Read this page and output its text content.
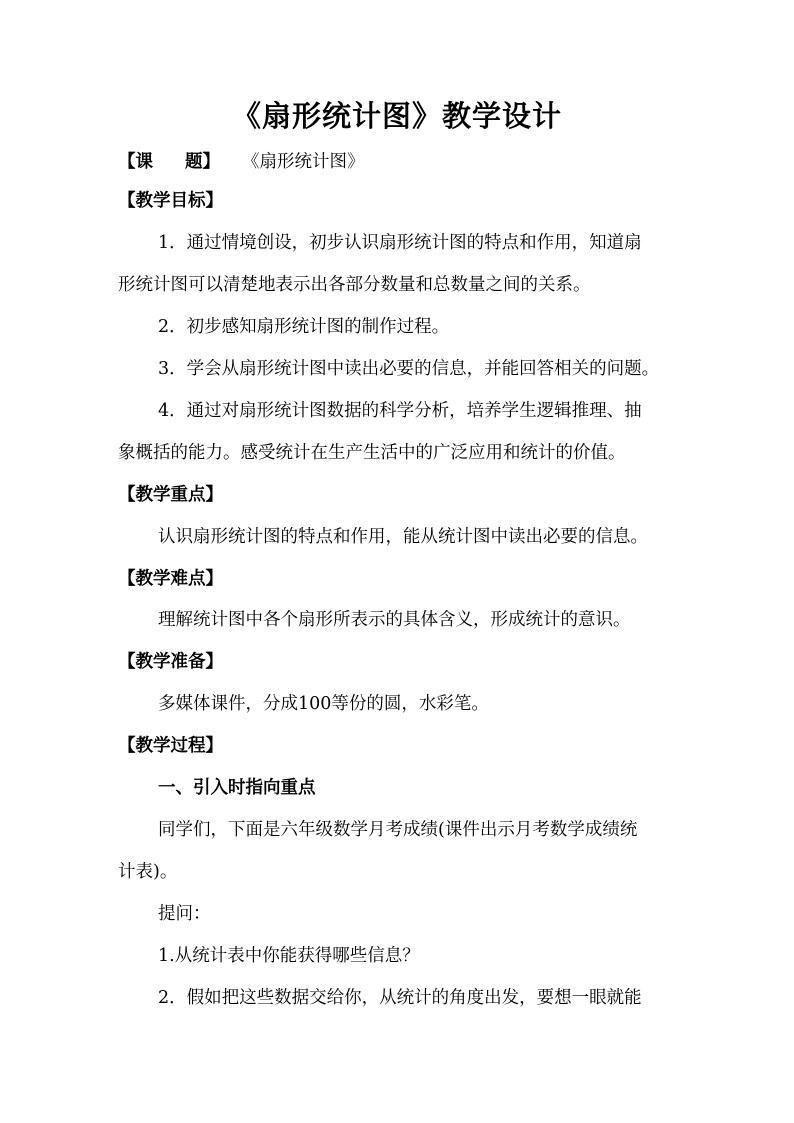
《扇形统计图》教学设计
【课 题】 《扇形统计图》
【教学目标】
1．通过情境创设，初步认识扇形统计图的特点和作用，知道扇
形统计图可以清楚地表示出各部分数量和总数量之间的关系。
2．初步感知扇形统计图的制作过程。
3．学会从扇形统计图中读出必要的信息，并能回答相关的问题。
4．通过对扇形统计图数据的科学分析，培养学生逻辑推理、抽
象概括的能力。感受统计在生产生活中的广泛应用和统计的价值。
【教学重点】
认识扇形统计图的特点和作用，能从统计图中读出必要的信息。
【教学难点】
理解统计图中各个扇形所表示的具体含义，形成统计的意识。
【教学准备】
多媒体课件，分成100等份的圆，水彩笔。
【教学过程】
一、引入时指向重点
同学们，下面是六年级数学月考成绩(课件出示月考数学成绩统
计表)。
提问：
1.从统计表中你能获得哪些信息？
2．假如把这些数据交给你，从统计的角度出发，要想一眼就能
